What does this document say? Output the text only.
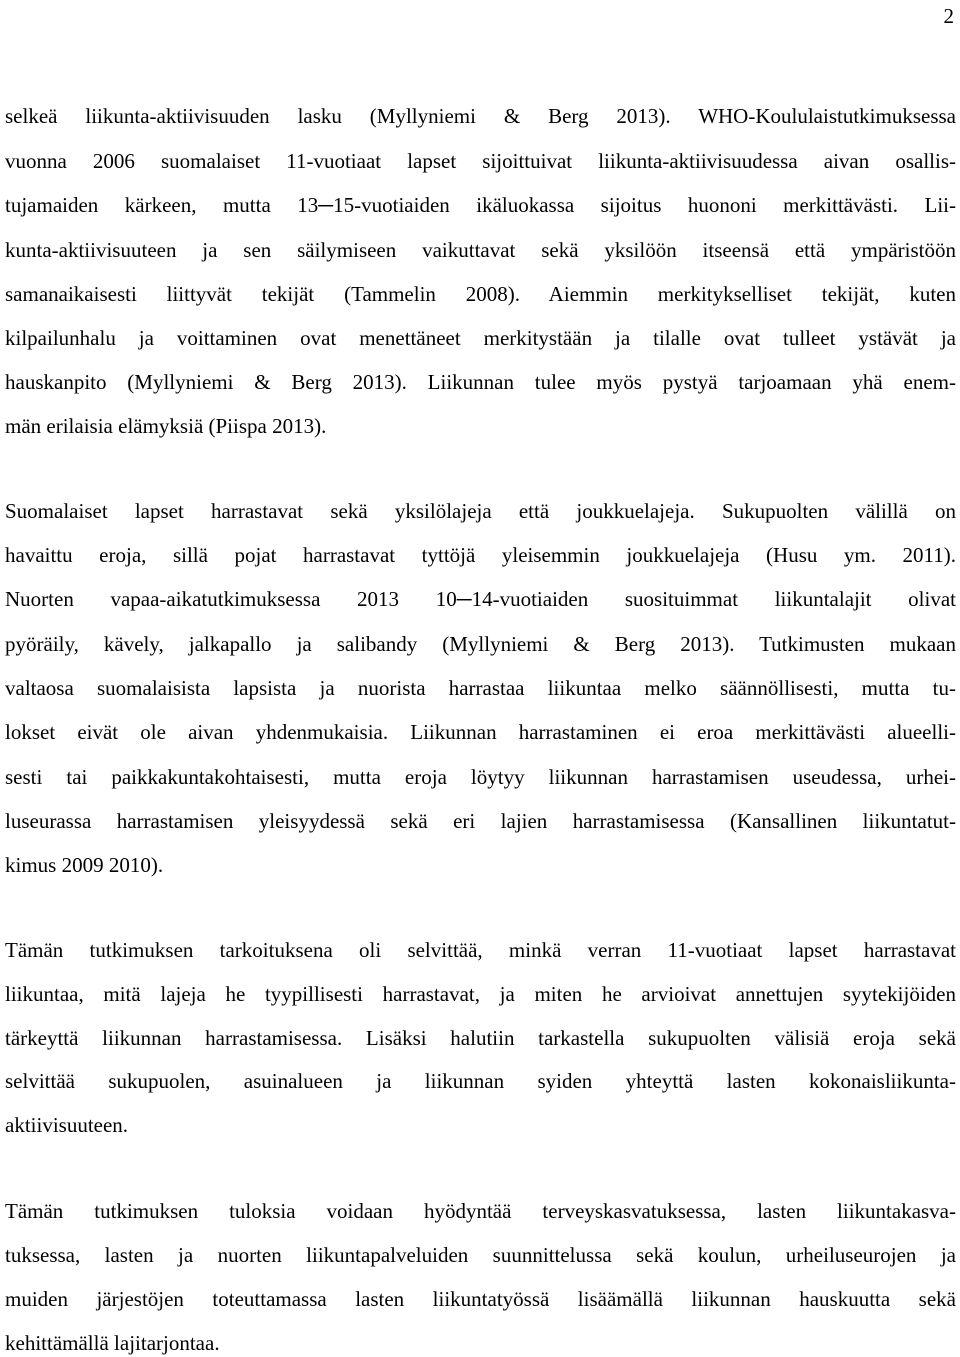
2
selkeä liikunta-aktiivisuuden lasku (Myllyniemi & Berg 2013). WHO-Koululaistutkimuksessa
vuonna 2006 suomalaiset 11-vuotiaat lapset sijoittuivat liikunta-aktiivisuudessa aivan osallis-
tujamaiden kärkeen, mutta 13─15-vuotiaiden ikäluokassa sijoitus huononi merkittävästi. Lii-
kunta-aktiivisuuteen ja sen säilymiseen vaikuttavat sekä yksilöön itseensä että ympäristöön
samanaikaisesti liittyvät tekijät (Tammelin 2008). Aiemmin merkitykselliset tekijät, kuten
kilpailunhalu ja voittaminen ovat menettäneet merkitystään ja tilalle ovat tulleet ystävät ja
hauskanpito (Myllyniemi & Berg 2013). Liikunnan tulee myös pystyä tarjoamaan yhä enem-
män erilaisia elämyksiä (Piispa 2013).
Suomalaiset lapset harrastavat sekä yksilölajeja että joukkuelajeja. Sukupuolten välillä on
havaittu eroja, sillä pojat harrastavat tyttöjä yleisemmin joukkuelajeja (Husu ym. 2011).
Nuorten vapaa-aikatutkimuksessa 2013 10─14-vuotiaiden suosituimmat liikuntalajit olivat
pyöräily, kävely, jalkapallo ja salibandy (Myllyniemi & Berg 2013). Tutkimusten mukaan
valtaosa suomalaisista lapsista ja nuorista harrastaa liikuntaa melko säännöllisesti, mutta tu-
lokset eivät ole aivan yhdenmukaisia. Liikunnan harrastaminen ei eroa merkittävästi alueelli-
sesti tai paikkakuntakohtaisesti, mutta eroja löytyy liikunnan harrastamisen useudessa, urhei-
luseurassa harrastamisen yleisyydessä sekä eri lajien harrastamisessa (Kansallinen liikuntatut-
kimus 2009 2010).
Tämän tutkimuksen tarkoituksena oli selvittää, minkä verran 11-vuotiaat lapset harrastavat
liikuntaa, mitä lajeja he tyypillisesti harrastavat, ja miten he arvioivat annettujen syytekijöiden
tärkeyttä liikunnan harrastamisessa. Lisäksi halutiin tarkastella sukupuolten välisiä eroja sekä
selvittää sukupuolen, asuinalueen ja liikunnan syiden yhteyttä lasten kokonaisliikunta-
aktiivisuuteen.
Tämän tutkimuksen tuloksia voidaan hyödyntää terveyskasvatuksessa, lasten liikuntakasva-
tuksessa, lasten ja nuorten liikuntapalveluiden suunnittelussa sekä koulun, urheiluseurojen ja
muiden järjestöjen toteuttamassa lasten liikuntatyössä lisäämällä liikunnan hauskuutta sekä
kehittämällä lajitarjontaa.
